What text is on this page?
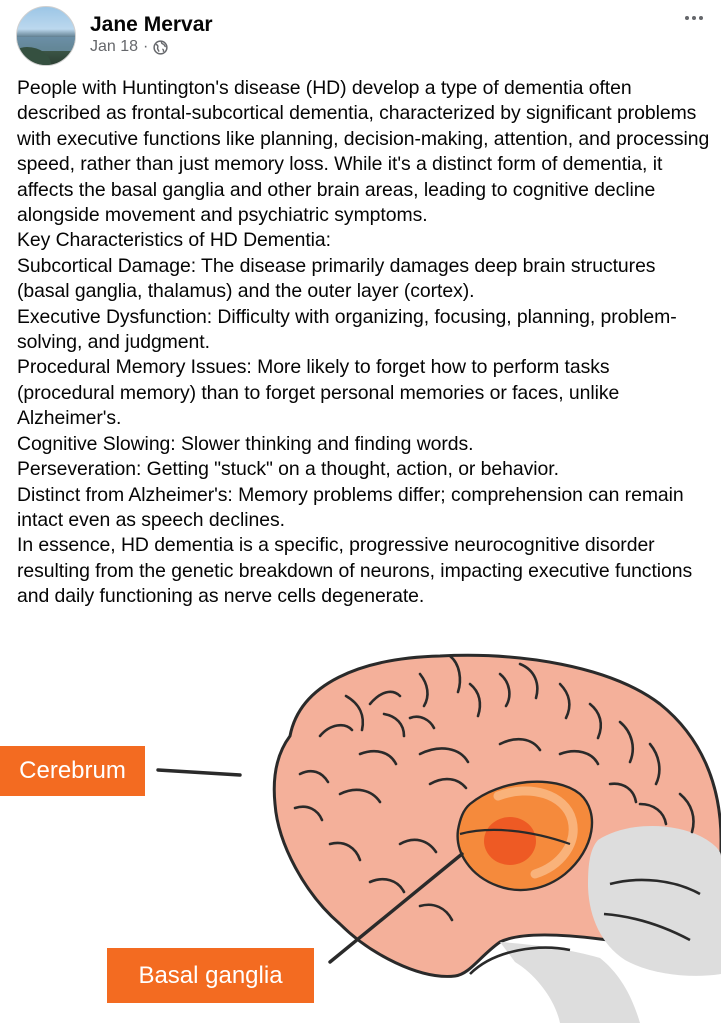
Jane Mervar
Jan 18 ·

People with Huntington's disease (HD) develop a type of dementia often described as frontal-subcortical dementia, characterized by significant problems with executive functions like planning, decision-making, attention, and processing speed, rather than just memory loss. While it's a distinct form of dementia, it affects the basal ganglia and other brain areas, leading to cognitive decline alongside movement and psychiatric symptoms.

Key Characteristics of HD Dementia:

Subcortical Damage: The disease primarily damages deep brain structures (basal ganglia, thalamus) and the outer layer (cortex).

Executive Dysfunction: Difficulty with organizing, focusing, planning, problem-solving, and judgment.

Procedural Memory Issues: More likely to forget how to perform tasks (procedural memory) than to forget personal memories or faces, unlike Alzheimer's.

Cognitive Slowing: Slower thinking and finding words.

Perseveration: Getting "stuck" on a thought, action, or behavior.

Distinct from Alzheimer's: Memory problems differ; comprehension can remain intact even as speech declines.

In essence, HD dementia is a specific, progressive neurocognitive disorder resulting from the genetic breakdown of neurons, impacting executive functions and daily functioning as nerve cells degenerate.

Cerebrum
Basal ganglia
